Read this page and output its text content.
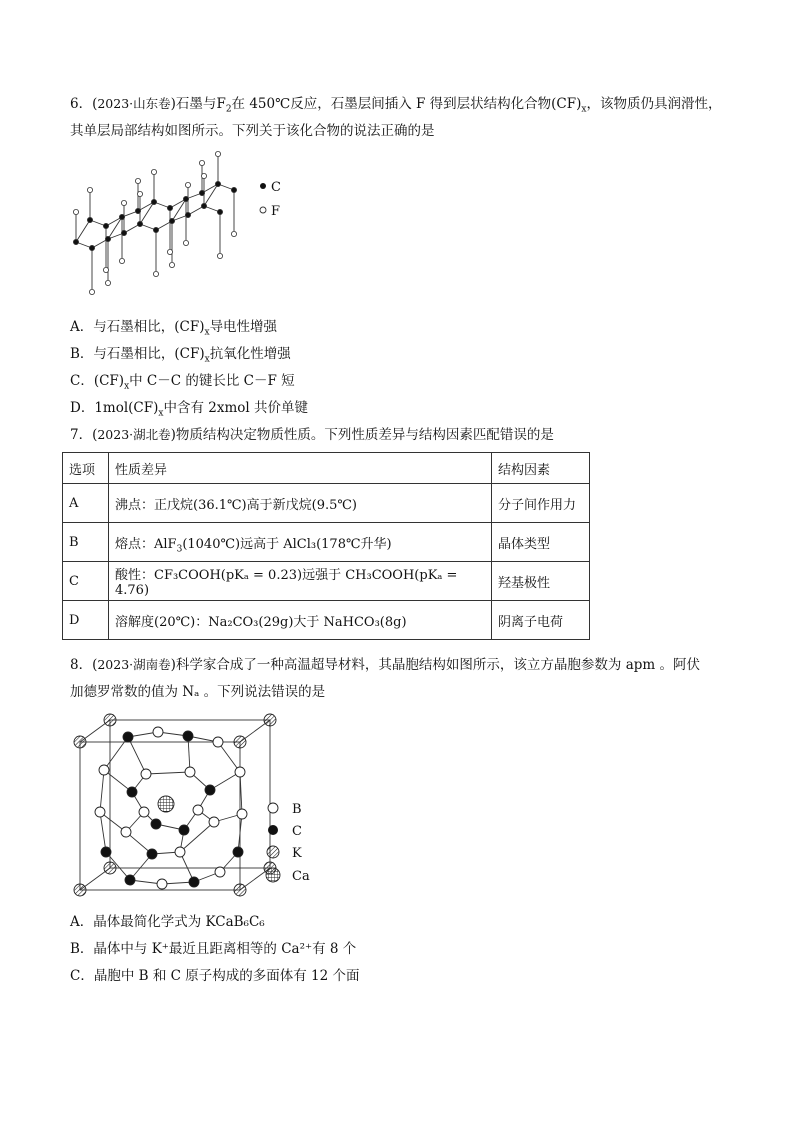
6．(2023·山东卷)石墨与$F_2$在 450℃反应，石墨层间插入 F 得到层状结构化合物$(CF)_x$，该物质仍具润滑性，
其单层局部结构如图所示。下列关于该化合物的说法正确的是
C
F
A．与石墨相比，$(CF)_x$导电性增强
B．与石墨相比，$(CF)_x$抗氧化性增强
C．$(CF)_x$中 C－C 的键长比 C－F 短
D．$1mol(CF)_x$中含有 2xmol 共价单键
7．(2023·湖北卷)物质结构决定物质性质。下列性质差异与结构因素匹配错误的是
选项	性质差异	结构因素
A	沸点：正戊烷(36.1℃)高于新戊烷(9.5℃)	分子间作用力
B	熔点：AlF$_3$(1040℃)远高于 AlCl₃(178℃升华)	晶体类型
C	酸性：CF₃COOH(pKₐ = 0.23)远强于 CH₃COOH(pKₐ = 4.76)	羟基极性
D	溶解度(20℃)：Na₂CO₃(29g)大于 NaHCO₃(8g)	阴离子电荷
8．(2023·湖南卷)科学家合成了一种高温超导材料，其晶胞结构如图所示，该立方晶胞参数为 apm 。阿伏
加德罗常数的值为 Nₐ 。下列说法错误的是
B
C
K
Ca
A．晶体最简化学式为 KCaB₆C₆
B．晶体中与 K⁺最近且距离相等的 Ca²⁺有 8 个
C．晶胞中 B 和 C 原子构成的多面体有 12 个面
